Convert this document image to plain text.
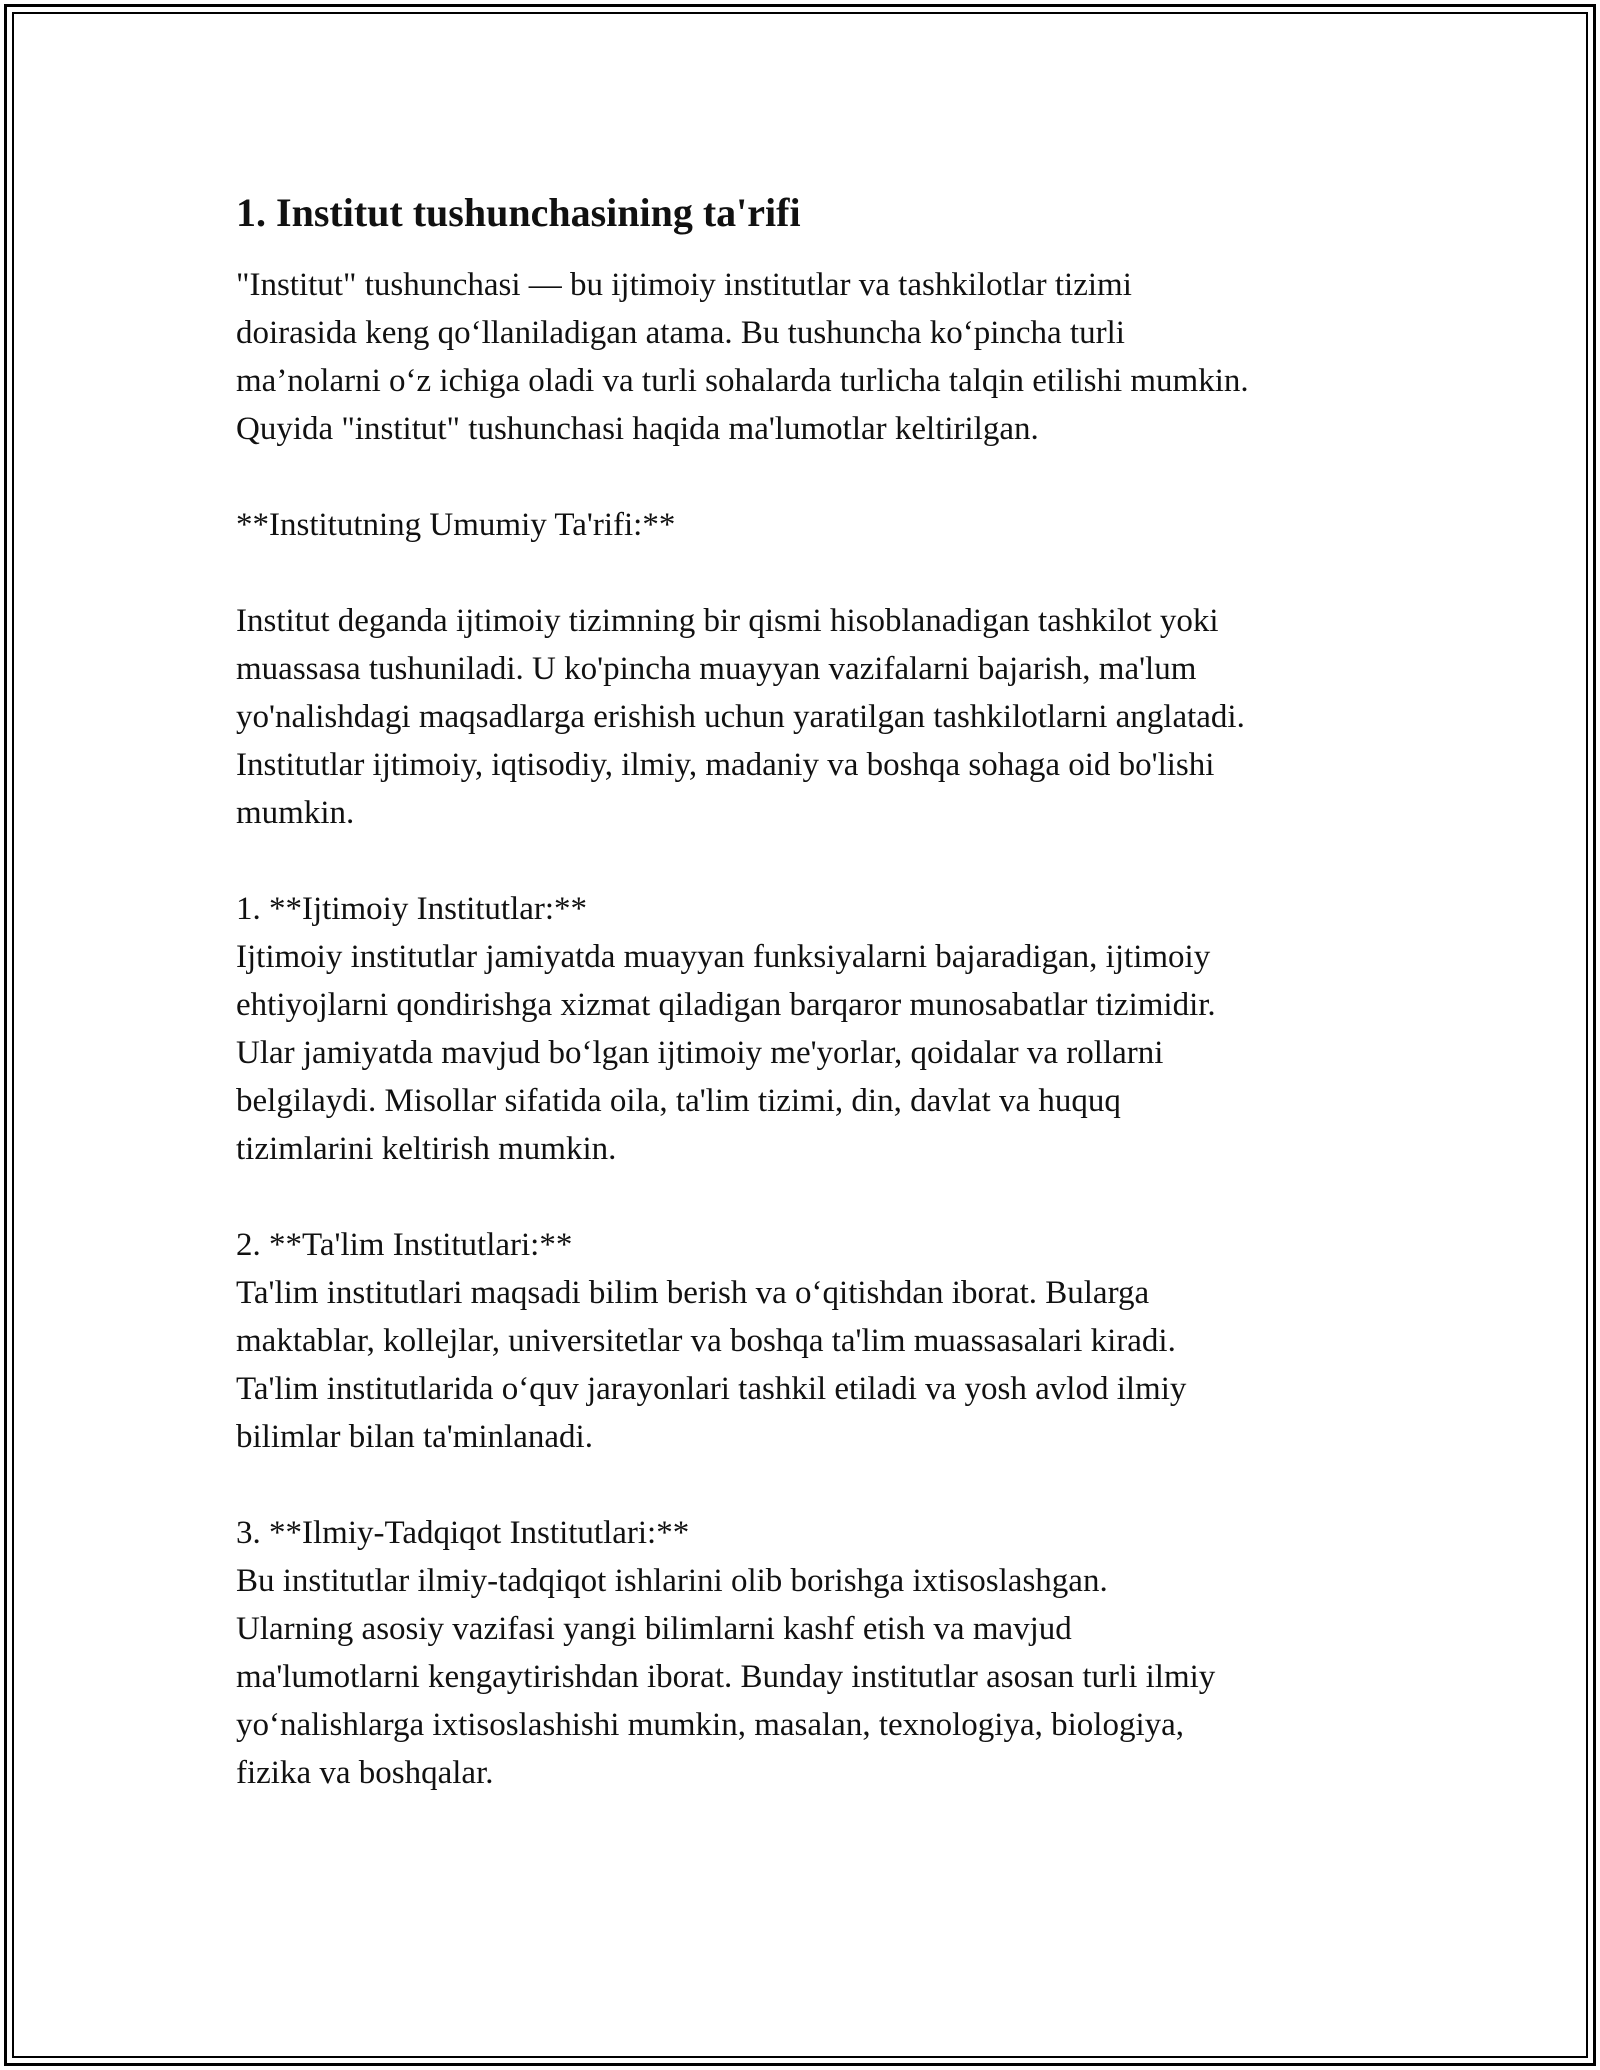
1. Institut tushunchasining ta'rifi

"Institut" tushunchasi — bu ijtimoiy institutlar va tashkilotlar tizimi
doirasida keng qo‘llaniladigan atama. Bu tushuncha ko‘pincha turli
ma’nolarni o‘z ichiga oladi va turli sohalarda turlicha talqin etilishi mumkin.
Quyida "institut" tushunchasi haqida ma'lumotlar keltirilgan.

**Institutning Umumiy Ta'rifi:**

Institut deganda ijtimoiy tizimning bir qismi hisoblanadigan tashkilot yoki
muassasa tushuniladi. U ko'pincha muayyan vazifalarni bajarish, ma'lum
yo'nalishdagi maqsadlarga erishish uchun yaratilgan tashkilotlarni anglatadi.
Institutlar ijtimoiy, iqtisodiy, ilmiy, madaniy va boshqa sohaga oid bo'lishi
mumkin.

1. **Ijtimoiy Institutlar:**
Ijtimoiy institutlar jamiyatda muayyan funksiyalarni bajaradigan, ijtimoiy
ehtiyojlarni qondirishga xizmat qiladigan barqaror munosabatlar tizimidir.
Ular jamiyatda mavjud bo‘lgan ijtimoiy me'yorlar, qoidalar va rollarni
belgilaydi. Misollar sifatida oila, ta'lim tizimi, din, davlat va huquq
tizimlarini keltirish mumkin.

2. **Ta'lim Institutlari:**
Ta'lim institutlari maqsadi bilim berish va o‘qitishdan iborat. Bularga
maktablar, kollejlar, universitetlar va boshqa ta'lim muassasalari kiradi.
Ta'lim institutlarida o‘quv jarayonlari tashkil etiladi va yosh avlod ilmiy
bilimlar bilan ta'minlanadi.

3. **Ilmiy-Tadqiqot Institutlari:**
Bu institutlar ilmiy-tadqiqot ishlarini olib borishga ixtisoslashgan.
Ularning asosiy vazifasi yangi bilimlarni kashf etish va mavjud
ma'lumotlarni kengaytirishdan iborat. Bunday institutlar asosan turli ilmiy
yo‘nalishlarga ixtisoslashishi mumkin, masalan, texnologiya, biologiya,
fizika va boshqalar.
